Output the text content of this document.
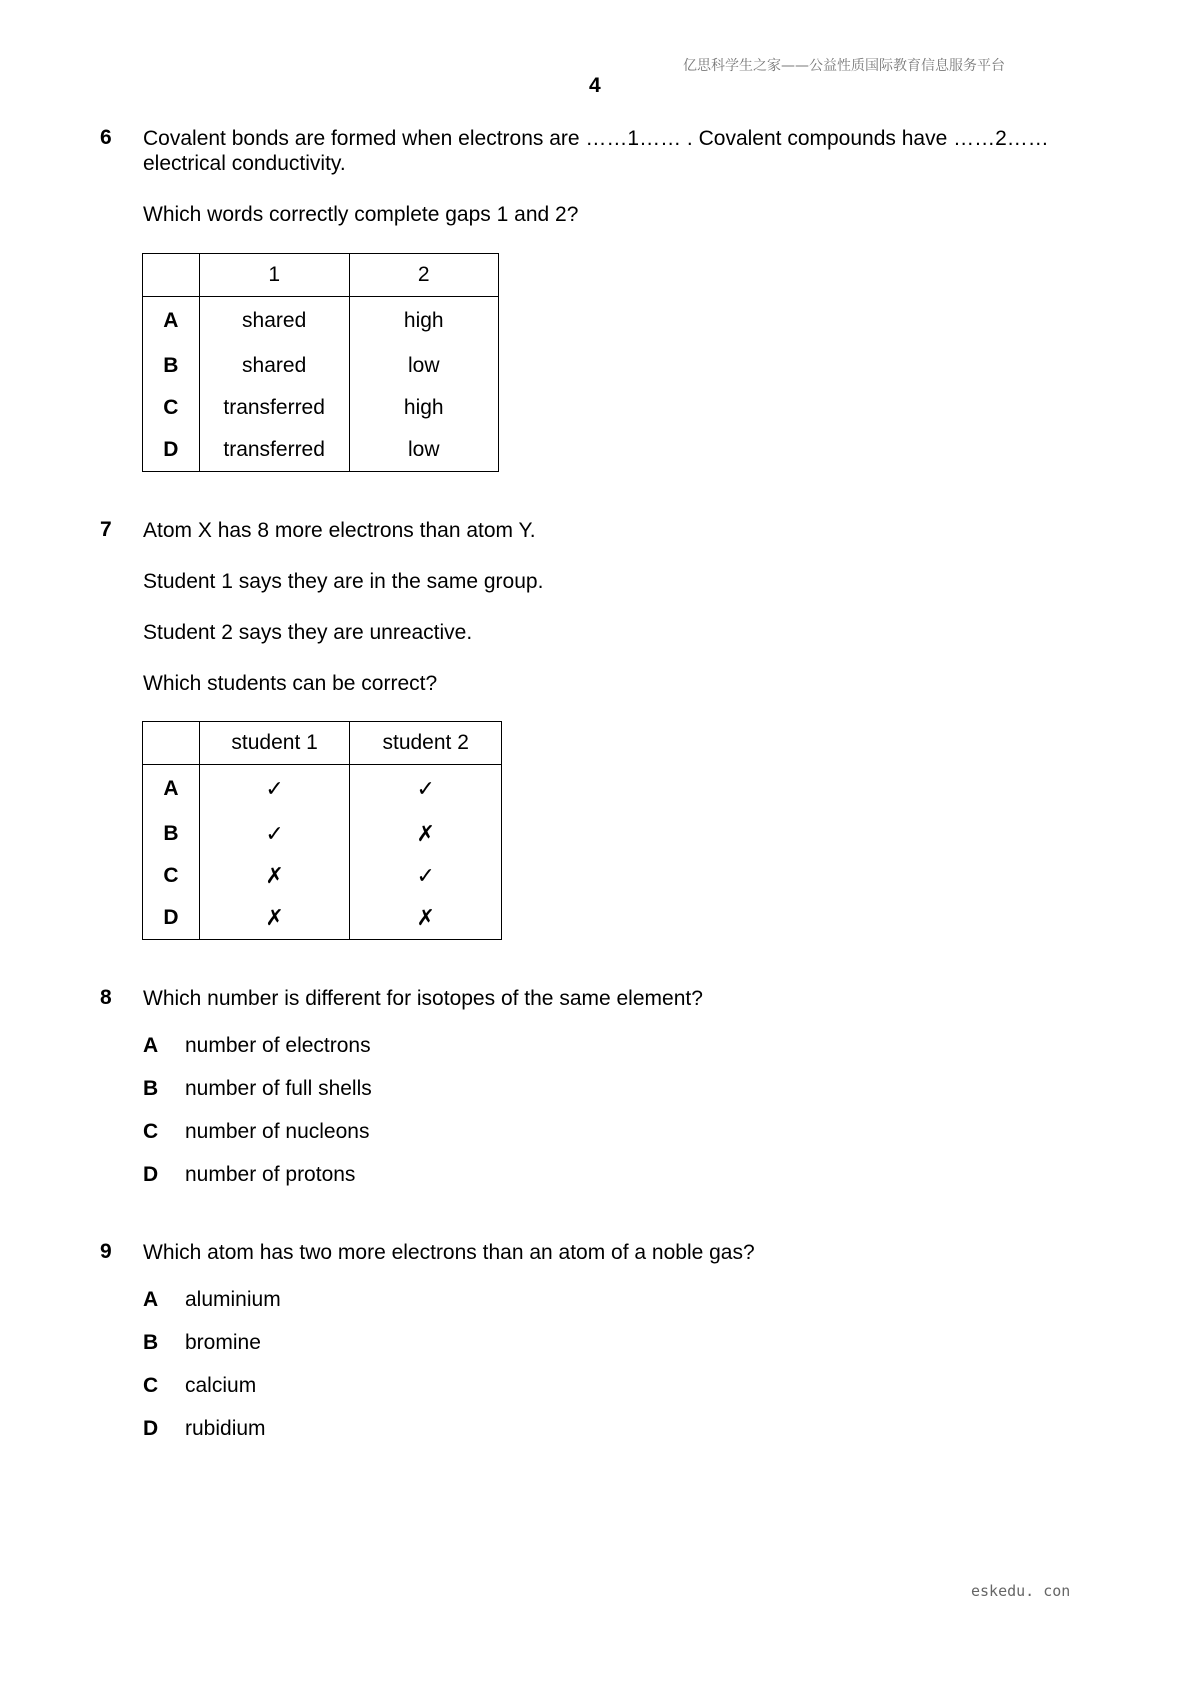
亿思科学生之家——公益性质国际教育信息服务平台
4
6 Covalent bonds are formed when electrons are ……1…… . Covalent compounds have ……2……
electrical conductivity.
Which words correctly complete gaps 1 and 2?
	1	2
A	shared	high
B	shared	low
C	transferred	high
D	transferred	low
7 Atom X has 8 more electrons than atom Y.
Student 1 says they are in the same group.
Student 2 says they are unreactive.
Which students can be correct?
	student 1	student 2
A	✓	✓
B	✓	✗
C	✗	✓
D	✗	✗
8 Which number is different for isotopes of the same element?
A number of electrons
B number of full shells
C number of nucleons
D number of protons
9 Which atom has two more electrons than an atom of a noble gas?
A aluminium
B bromine
C calcium
D rubidium
eskedu. con
